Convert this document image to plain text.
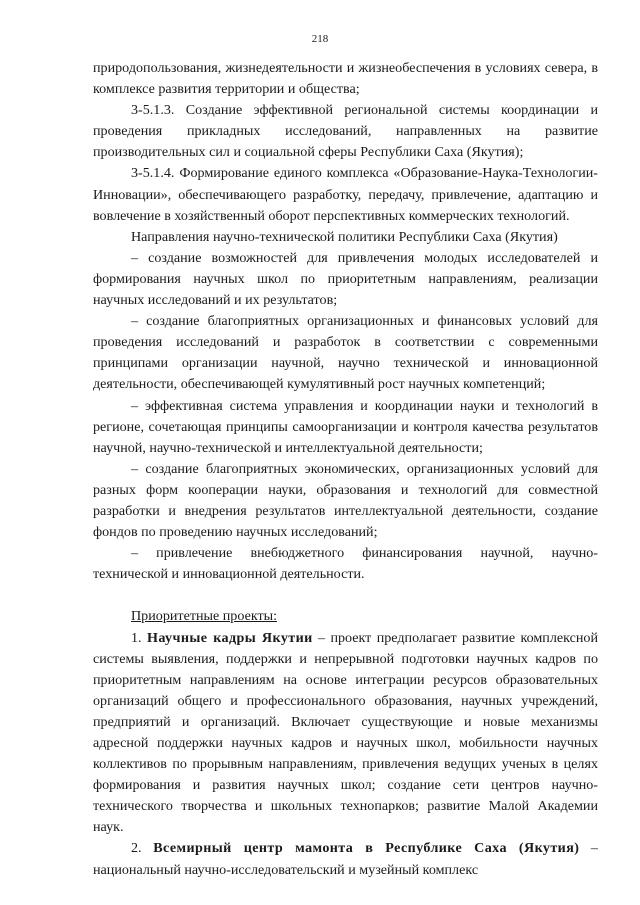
218

природопользования, жизнедеятельности и жизнеобеспечения в условиях севера, в комплексе развития территории и общества;

3-5.1.3. Создание эффективной региональной системы координации и проведения прикладных исследований, направленных на развитие производительных сил и социальной сферы Республики Саха (Якутия);

3-5.1.4. Формирование единого комплекса «Образование-Наука-Технологии-Инновации», обеспечивающего разработку, передачу, привлечение, адаптацию и вовлечение в хозяйственный оборот перспективных коммерческих технологий.

Направления научно-технической политики Республики Саха (Якутия)

– создание возможностей для привлечения молодых исследователей и формирования научных школ по приоритетным направлениям, реализации научных исследований и их результатов;

– создание благоприятных организационных и финансовых условий для проведения исследований и разработок в соответствии с современными принципами организации научной, научно технической и инновационной деятельности, обеспечивающей кумулятивный рост научных компетенций;

– эффективная система управления и координации науки и технологий в регионе, сочетающая принципы самоорганизации и контроля качества результатов научной, научно-технической и интеллектуальной деятельности;

– создание благоприятных экономических, организационных условий для разных форм кооперации науки, образования и технологий для совместной разработки и внедрения результатов интеллектуальной деятельности, создание фондов по проведению научных исследований;

– привлечение внебюджетного финансирования научной, научно-технической и инновационной деятельности.

Приоритетные проекты:

1. Научные кадры Якутии – проект предполагает развитие комплексной системы выявления, поддержки и непрерывной подготовки научных кадров по приоритетным направлениям на основе интеграции ресурсов образовательных организаций общего и профессионального образования, научных учреждений, предприятий и организаций. Включает существующие и новые механизмы адресной поддержки научных кадров и научных школ, мобильности научных коллективов по прорывным направлениям, привлечения ведущих ученых в целях формирования и развития научных школ; создание сети центров научно-технического творчества и школьных технопарков; развитие Малой Академии наук.

2. Всемирный центр мамонта в Республике Саха (Якутия) – национальный научно-исследовательский и музейный комплекс
